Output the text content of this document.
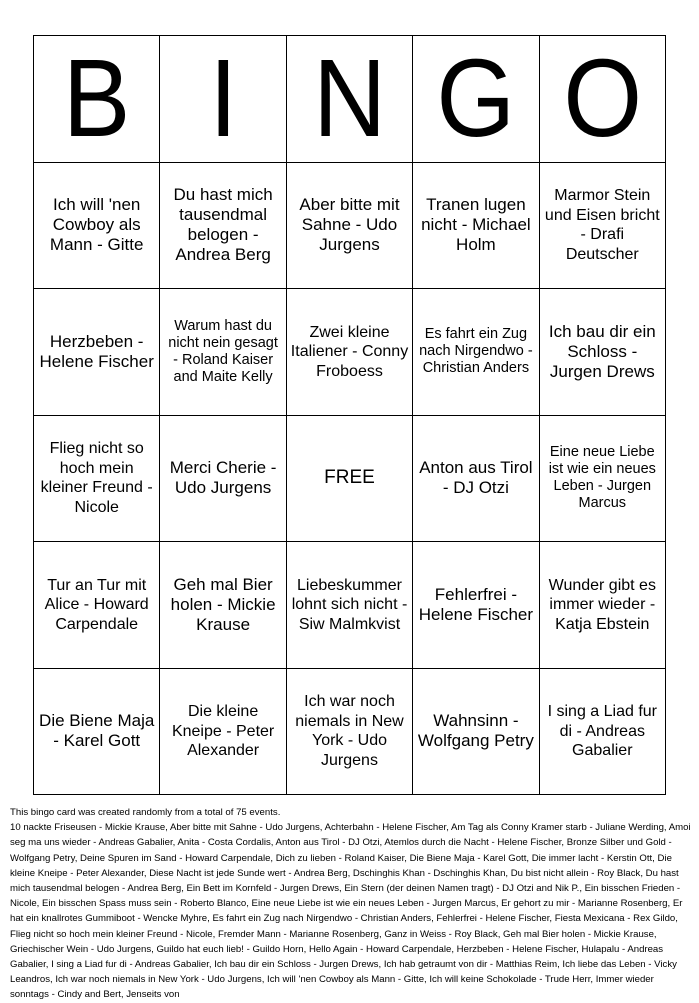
B I N G O
Ich will 'nen Cowboy als Mann - Gitte
Du hast mich tausendmal belogen - Andrea Berg
Aber bitte mit Sahne - Udo Jurgens
Tranen lugen nicht - Michael Holm
Marmor Stein und Eisen bricht - Drafi Deutscher
Herzbeben - Helene Fischer
Warum hast du nicht nein gesagt - Roland Kaiser and Maite Kelly
Zwei kleine Italiener - Conny Froboess
Es fahrt ein Zug nach Nirgendwo - Christian Anders
Ich bau dir ein Schloss - Jurgen Drews
Flieg nicht so hoch mein kleiner Freund - Nicole
Merci Cherie - Udo Jurgens	FREE	Anton aus Tirol - DJ Otzi
Eine neue Liebe ist wie ein neues Leben - Jurgen Marcus
Tur an Tur mit Alice - Howard Carpendale
Geh mal Bier holen - Mickie Krause
Liebeskummer lohnt sich nicht - Siw Malmkvist
Fehlerfrei - Helene Fischer
Wunder gibt es immer wieder - Katja Ebstein
Die Biene Maja - Karel Gott
Die kleine Kneipe - Peter Alexander
Ich war noch niemals in New York - Udo Jurgens
Wahnsinn - Wolfgang Petry
I sing a Liad fur di - Andreas Gabalier
This bingo card was created randomly from a total of 75 events.
10 nackte Friseusen - Mickie Krause, Aber bitte mit Sahne - Udo Jurgens, Achterbahn - Helene Fischer, Am Tag als Conny Kramer starb - Juliane Werding, Amoi seg ma uns wieder - Andreas Gabalier, Anita - Costa Cordalis, Anton aus Tirol - DJ Otzi, Atemlos durch die Nacht - Helene Fischer, Bronze Silber und Gold - Wolfgang Petry, Deine Spuren im Sand - Howard Carpendale, Dich zu lieben - Roland Kaiser, Die Biene Maja - Karel Gott, Die immer lacht - Kerstin Ott, Die kleine Kneipe - Peter Alexander, Diese Nacht ist jede Sunde wert - Andrea Berg, Dschinghis Khan - Dschinghis Khan, Du bist nicht allein - Roy Black, Du hast mich tausendmal belogen - Andrea Berg, Ein Bett im Kornfeld - Jurgen Drews, Ein Stern (der deinen Namen tragt) - DJ Otzi and Nik P., Ein bisschen Frieden - Nicole, Ein bisschen Spass muss sein - Roberto Blanco, Eine neue Liebe ist wie ein neues Leben - Jurgen Marcus, Er gehort zu mir - Marianne Rosenberg, Er hat ein knallrotes Gummiboot - Wencke Myhre, Es fahrt ein Zug nach Nirgendwo - Christian Anders, Fehlerfrei - Helene Fischer, Fiesta Mexicana - Rex Gildo, Flieg nicht so hoch mein kleiner Freund - Nicole, Fremder Mann - Marianne Rosenberg, Ganz in Weiss - Roy Black, Geh mal Bier holen - Mickie Krause, Griechischer Wein - Udo Jurgens, Guildo hat euch lieb! - Guildo Horn, Hello Again - Howard Carpendale, Herzbeben - Helene Fischer, Hulapalu - Andreas Gabalier, I sing a Liad fur di - Andreas Gabalier, Ich bau dir ein Schloss - Jurgen Drews, Ich hab getraumt von dir - Matthias Reim, Ich liebe das Leben - Vicky Leandros, Ich war noch niemals in New York - Udo Jurgens, Ich will 'nen Cowboy als Mann - Gitte, Ich will keine Schokolade - Trude Herr, Immer wieder sonntags - Cindy and Bert, Jenseits von
